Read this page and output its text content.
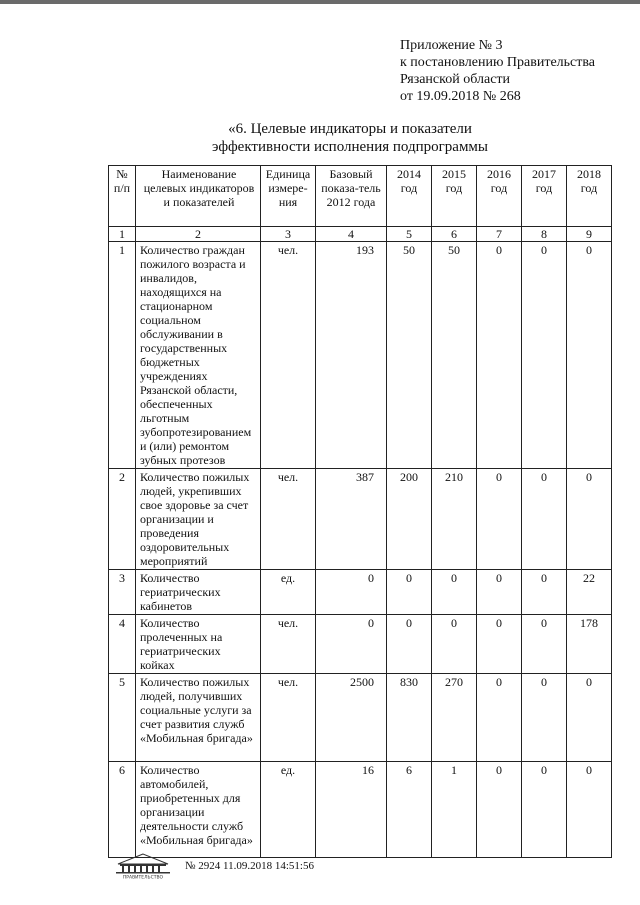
Приложение № 3
к постановлению Правительства
Рязанской области
от 19.09.2018 № 268
«6. Целевые индикаторы и показатели
эффективности исполнения подпрограммы
№ п/п	Наименование целевых индикаторов и показателей	Единица измере-ния	Базовый показа-тель 2012 года	2014 год	2015 год	2016 год	2017 год	2018 год
1	2	3	4	5	6	7	8	9
1	Количество граждан пожилого возраста и инвалидов, находящихся на стационарном социальном обслуживании в государственных бюджетных учреждениях Рязанской области, обеспеченных льготным зубопротезированием и (или) ремонтом зубных протезов	чел.	193	50	50	0	0	0
2	Количество пожилых людей, укрепивших свое здоровье за счет организации и проведения оздоровительных мероприятий	чел.	387	200	210	0	0	0
3	Количество гериатрических кабинетов	ед.	0	0	0	0	0	22
4	Количество пролеченных на гериатрических койках	чел.	0	0	0	0	0	178
5	Количество пожилых людей, получивших социальные услуги за счет развития служб «Мобильная бригада»	чел.	2500	830	270	0	0	0
6	Количество автомобилей, приобретенных для организации деятельности служб «Мобильная бригада»	ед.	16	6	1	0	0	0
ПРАВИТЕЛЬСТВО
№ 2924 11.09.2018 14:51:56
